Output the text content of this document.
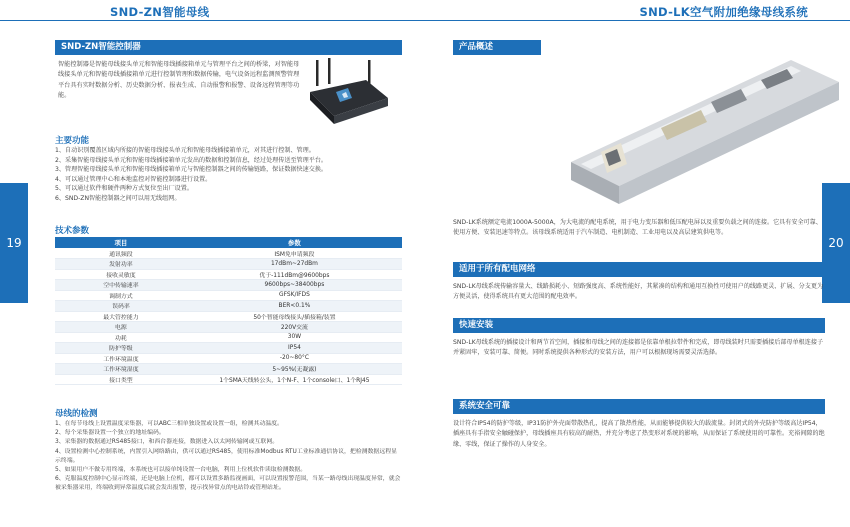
SND-ZN智能母线
19
SND-ZN智能控制器
智能控制器是智能母线接头单元和智能母线插接箱单元与管理平台之间的桥梁，对智能母线接头单元和智能母线插接箱单元进行控制管理和数据传输，电气设备远程监测预警管理平台具有实时数据分析、历史数据分析、报表生成、自动报警和报警、设备远程管理等功能。
主要功能
1、自动识别覆盖区域内所接的智能母线接头单元和智能母线插接箱单元，对其进行控制、管理。
2、采集智能母线接头单元和智能母线插接箱单元发出的数据和控制信息，经过处理传送至管理平台。
3、管理智能母线接头单元和智能母线插接箱单元与智能控制器之间的传输链路，保证数据快速交换。
4、可以通过管理中心和本地监控对智能控制器进行设置。
5、可以通过软件和硬件两种方式复位至出厂设置。
6、SND-ZN智能控制器之间可以用无线组网。
技术参数
项目	参数
通讯频段	ISM免申请频段
发射功率	17dBm~27dBm
接收灵敏度	优于-111dBm@9600bps
空中传输速率	9600bps~38400bps
调制方式	GFSK/IFDS
误码率	BER<0.1%
最大管控能力	50个智能母线接头/插接箱/装置
电源	220V交流
功耗	30W
防护等级	IP54
工作环境温度	-20~80°C
工作环境湿度	5~95%(无凝露)
接口类型	1个SMA天线转公头，1个N-F、1个console口、1个RJ45
母线的检测
1、在每节母线上设置温度采集器，可以ABC三相单独设置或设置一组，检测其动温度。
2、每个采集器设置一个独立的地址编码。
3、采集器的数据通过RS485接口，和西台器连接，数据进入以太网传输网或互联网。
4、设置检测中心控制系统，内置引入网络路由，供可以通过RS485，使用标准Modbus RTU工业标准通信协议，把检测数据远程显示终端。
5、如果用户不做专用终端，本系统也可以接单纯设置一台电脑，利用上位机软件读取检测数据。
6、克服温度控制中心显示终端，还是电脑上位机，都可以设置多路监视画面，可以设置报警范围，当某一路母线出现温度异常，就会被采集器采用，终端收到异常温度后就会发出报警，提示找异常点的电站铃或管理站址。
SND-LK空气附加绝缘母线系统
20
产品概述
SND-LK系统额定电流1000A-5000A，为大电流的配电系统，用于电力变压器和低压配电屏以及重要负载之间的连接。它具有安全可靠、使用方便、安装迅速等特点。该母线系统适用于汽车制造、电机制造、工业用电以及高层建筑供电等。
适用于所有配电网络
SND-LK母线系统传输容量大、线路损耗小、短路强度高、系统性能好，其紧凑的结构和通用互换性可使用户的线路更灵、扩展、分支更为方便灵活，使得系统具有更大范围的配电效率。
快速安装
SND-LK母线系统的插接设计和两节首空间，插接和母线之间的连接都是依靠单根拉带件和完成，即母线装时只需要插接后部母单根连接子并紧固牢，安装可靠、简便。同时系统提供各种形式的安装方法，用户可以根据现场需要灵活选择。
系统安全可靠
设计符合IP54的防护等级，IP31防护外壳面带散热孔，提高了散热性能，从而能够提供较大的载流量。封闭式的外壳防护等级高达IP54，插座具有手指安全触碰保护，母线插座具有较高的耐热，并充分考虑了热变形对系统的影响，从而保证了系统使用的可靠性。充裕间隙的绝缘、零线，保证了操作的人身安全。
